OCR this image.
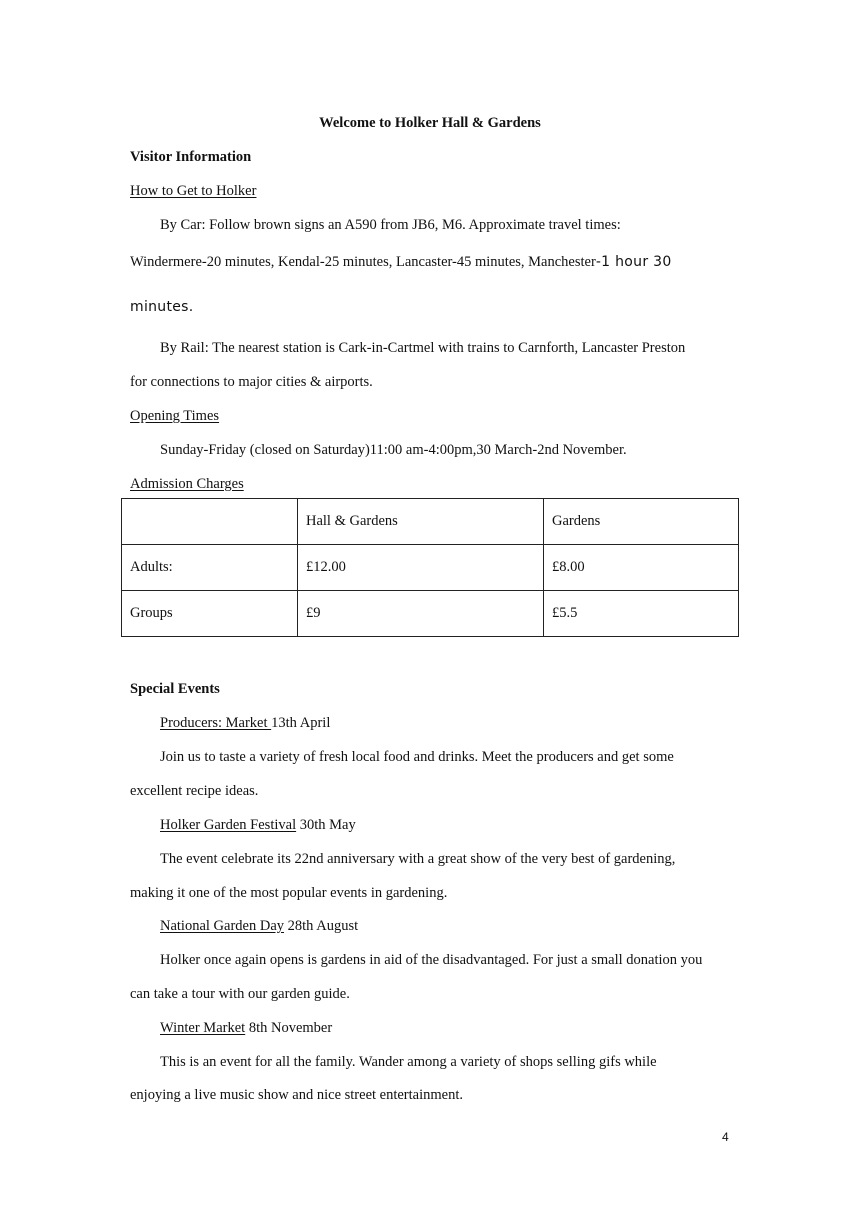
Welcome to Holker Hall & Gardens

Visitor Information

How to Get to Holker

By Car: Follow brown signs an A590 from JB6, M6. Approximate travel times:

Windermere-20 minutes, Kendal-25 minutes, Lancaster-45 minutes, Manchester-1 hour 30

minutes.

By Rail: The nearest station is Cark-in-Cartmel with trains to Carnforth, Lancaster Preston

for connections to major cities & airports.

Opening Times

Sunday-Friday (closed on Saturday)11:00 am-4:00pm,30 March-2nd November.

Admission Charges

	Hall & Gardens	Gardens
Adults:	£12.00	£8.00
Groups	£9	£5.5

Special Events

Producers: Market 13th April

Join us to taste a variety of fresh local food and drinks. Meet the producers and get some

excellent recipe ideas.

Holker Garden Festival 30th May

The event celebrate its 22nd anniversary with a great show of the very best of gardening,

making it one of the most popular events in gardening.

National Garden Day 28th August

Holker once again opens is gardens in aid of the disadvantaged. For just a small donation you

can take a tour with our garden guide.

Winter Market 8th November

This is an event for all the family. Wander among a variety of shops selling gifs while

enjoying a live music show and nice street entertainment.

4
